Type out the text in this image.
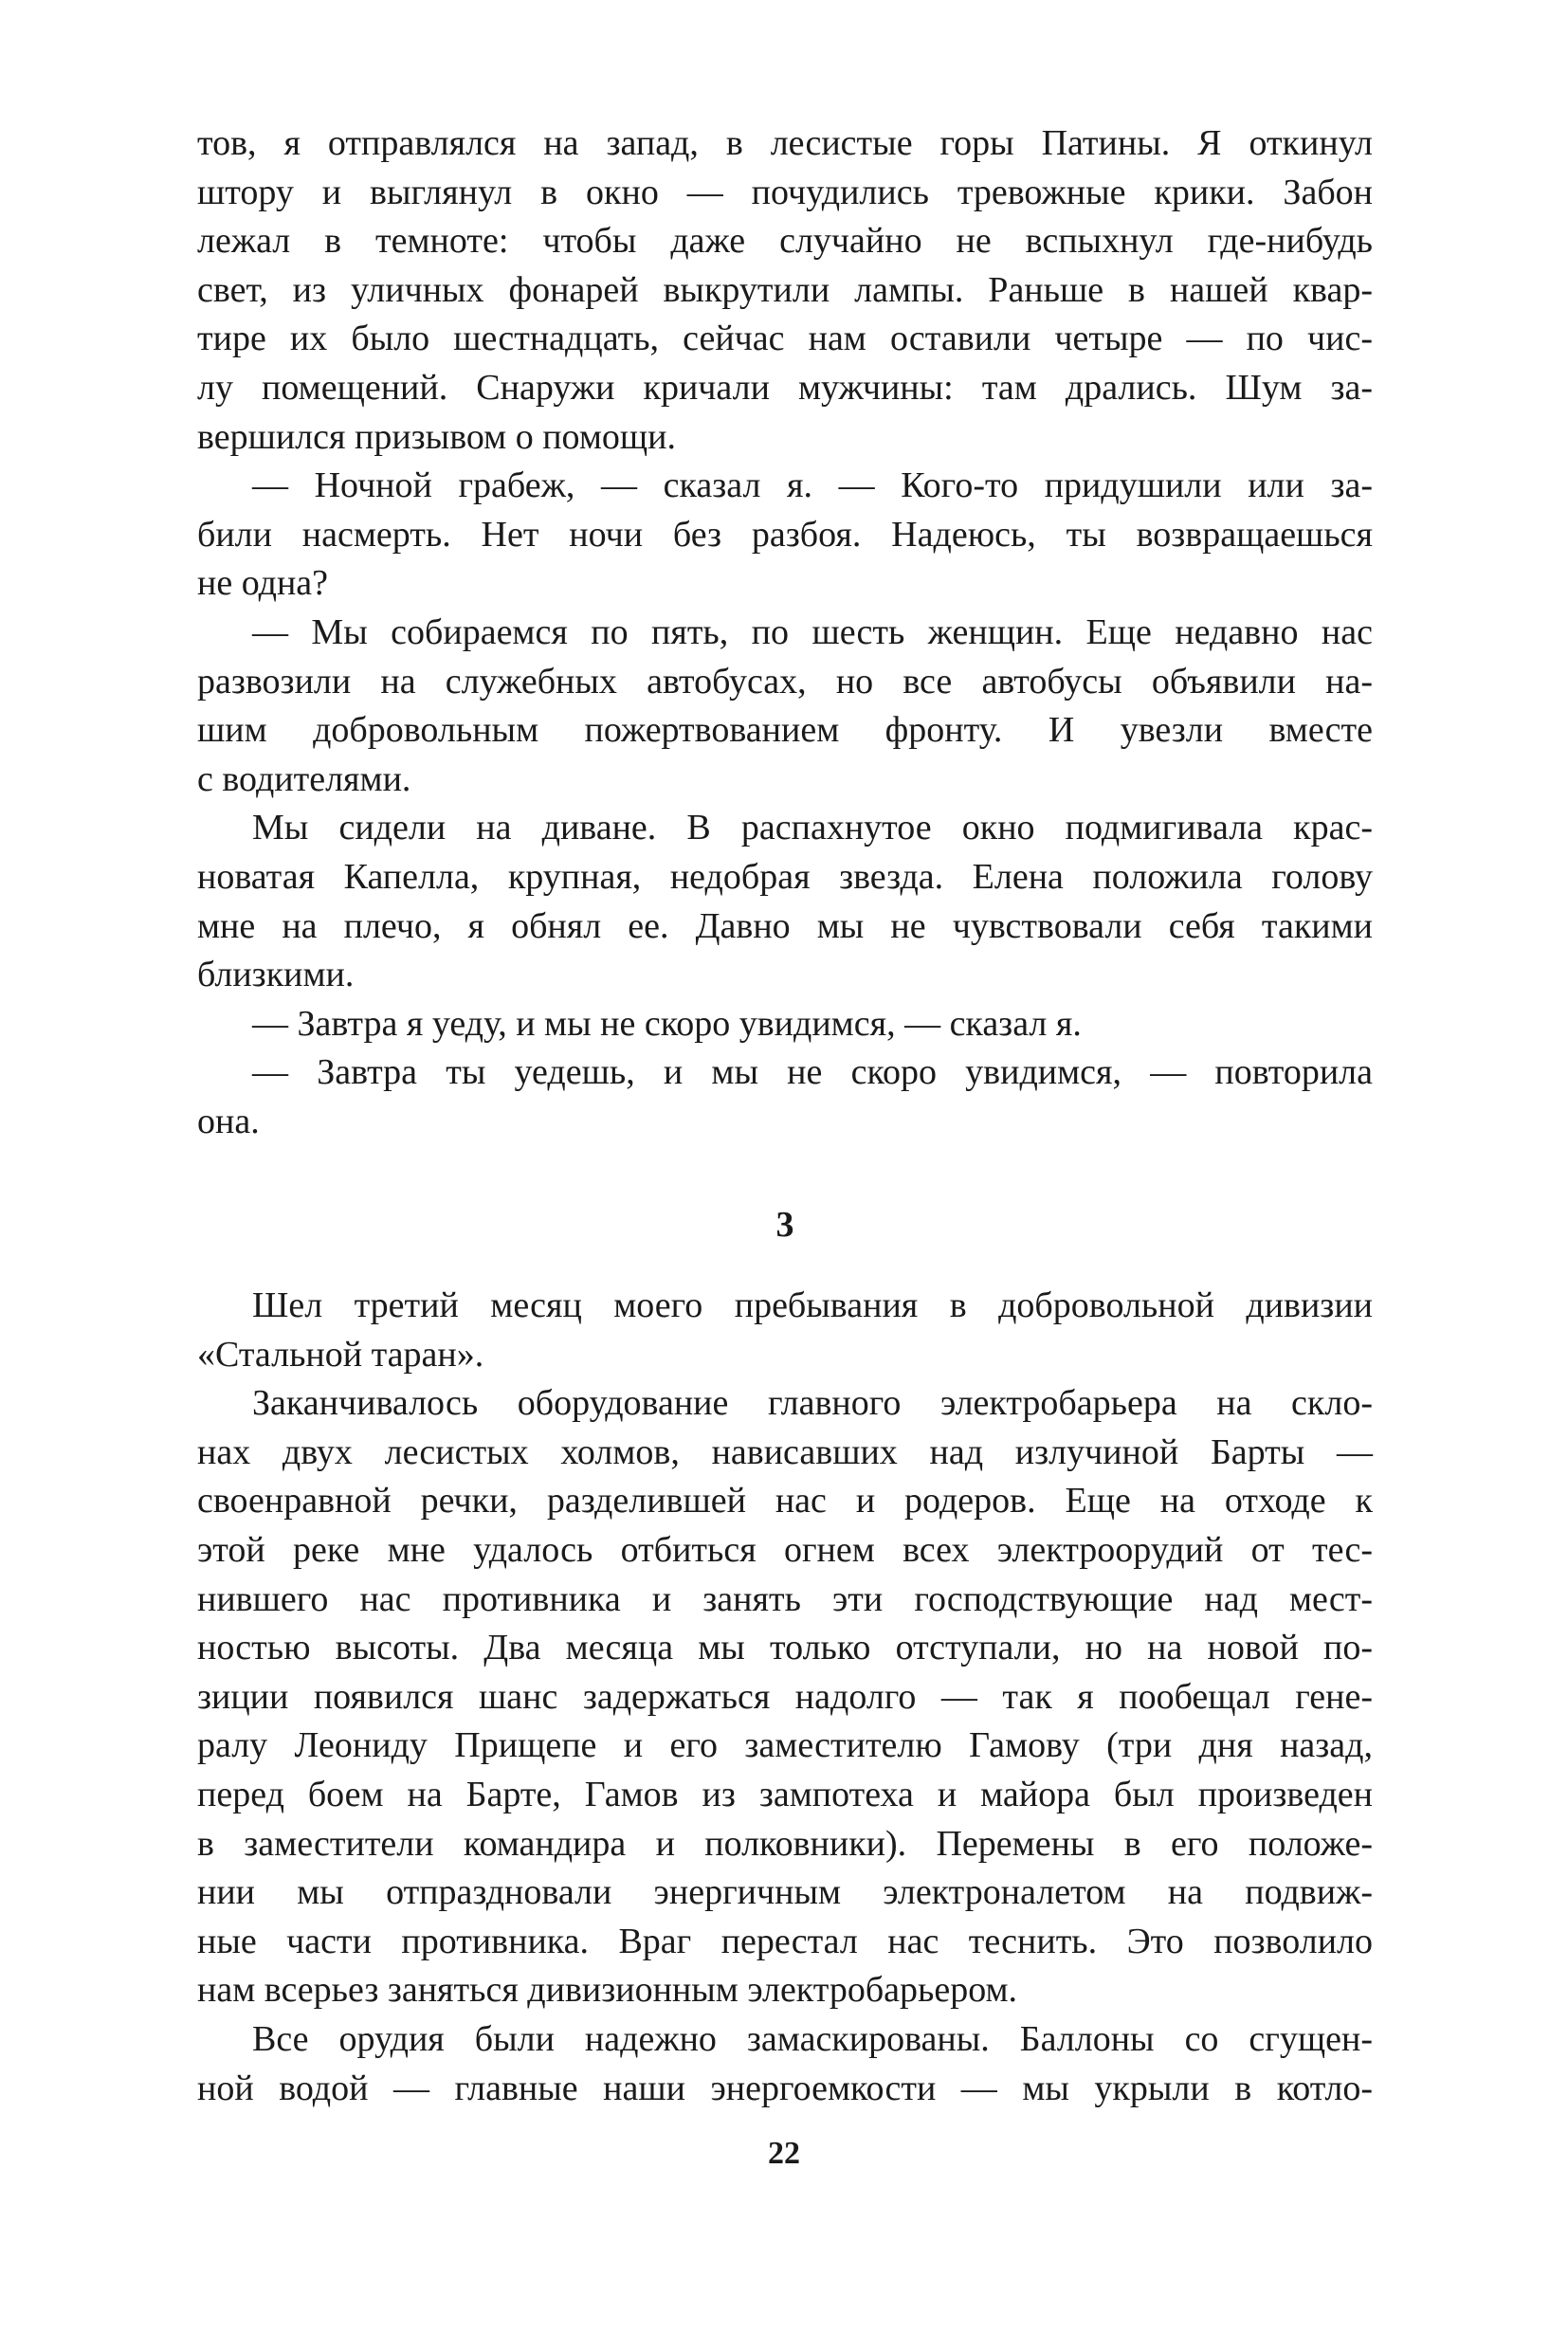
тов, я отправлялся на запад, в лесистые горы Патины. Я откинул
штору и выглянул в окно — почудились тревожные крики. Забон
лежал в темноте: чтобы даже случайно не вспыхнул где-нибудь
свет, из уличных фонарей выкрутили лампы. Раньше в нашей квар-
тире их было шестнадцать, сейчас нам оставили четыре — по чис-
лу помещений. Снаружи кричали мужчины: там дрались. Шум за-
вершился призывом о помощи.
— Ночной грабеж, — сказал я. — Кого-то придушили или за-
били насмерть. Нет ночи без разбоя. Надеюсь, ты возвращаешься
не одна?
— Мы собираемся по пять, по шесть женщин. Еще недавно нас
развозили на служебных автобусах, но все автобусы объявили на-
шим добровольным пожертвованием фронту. И увезли вместе
с водителями.
Мы сидели на диване. В распахнутое окно подмигивала крас-
новатая Капелла, крупная, недобрая звезда. Елена положила голову
мне на плечо, я обнял ее. Давно мы не чувствовали себя такими
близкими.
— Завтра я уеду, и мы не скоро увидимся, — сказал я.
— Завтра ты уедешь, и мы не скоро увидимся, — повторила
она.
3
Шел третий месяц моего пребывания в добровольной дивизии
«Стальной таран».
Заканчивалось оборудование главного электробарьера на скло-
нах двух лесистых холмов, нависавших над излучиной Барты —
своенравной речки, разделившей нас и родеров. Еще на отходе к
этой реке мне удалось отбиться огнем всех электроорудий от тес-
нившего нас противника и занять эти господствующие над мест-
ностью высоты. Два месяца мы только отступали, но на новой по-
зиции появился шанс задержаться надолго — так я пообещал гене-
ралу Леониду Прищепе и его заместителю Гамову (три дня назад,
перед боем на Барте, Гамов из зампотеха и майора был произведен
в заместители командира и полковники). Перемены в его положе-
нии мы отпраздновали энергичным электроналетом на подвиж-
ные части противника. Враг перестал нас теснить. Это позволило
нам всерьез заняться дивизионным электробарьером.
Все орудия были надежно замаскированы. Баллоны со сгущен-
ной водой — главные наши энергоемкости — мы укрыли в котло-
22
